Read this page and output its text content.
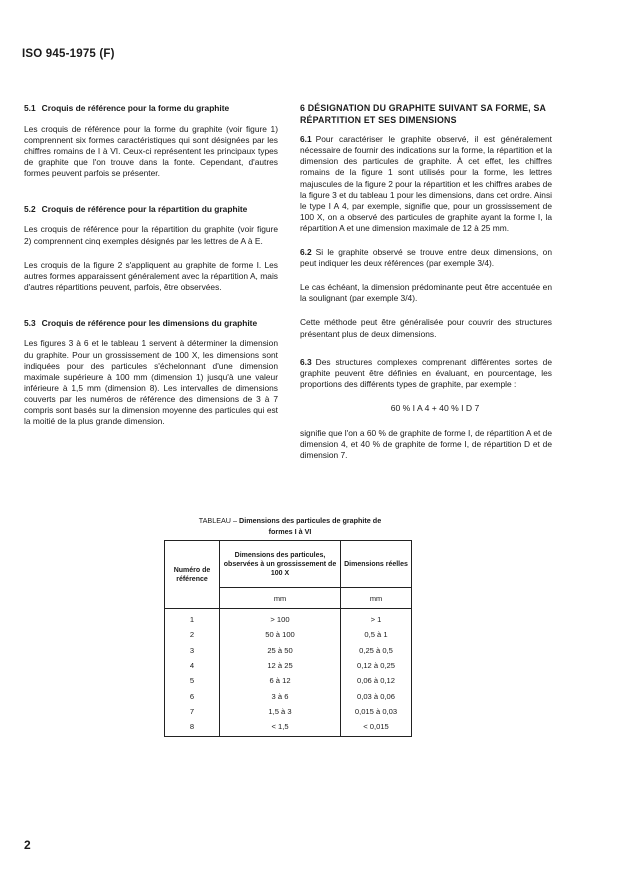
ISO 945-1975 (F)
5.1 Croquis de référence pour la forme du graphite

Les croquis de référence pour la forme du graphite (voir figure 1) comprennent six formes caractéristiques qui sont désignées par les chiffres romains de I à VI. Ceux-ci représentent les principaux types de graphite que l'on trouve dans la fonte. Cependant, d'autres formes peuvent parfois se présenter.

5.2 Croquis de référence pour la répartition du graphite

Les croquis de référence pour la répartition du graphite (voir figure 2) comprennent cinq exemples désignés par les lettres de A à E.

Les croquis de la figure 2 s'appliquent au graphite de forme I. Les autres formes apparaissent généralement avec la répartition A, mais d'autres répartitions peuvent, parfois, être observées.

5.3 Croquis de référence pour les dimensions du graphite

Les figures 3 à 6 et le tableau 1 servent à déterminer la dimension du graphite. Pour un grossissement de 100 X, les dimensions sont indiquées pour des particules s'échelonnant d'une dimension maximale supérieure à 100 mm (dimension 1) jusqu'à une valeur inférieure à 1,5 mm (dimension 8). Les intervalles de dimensions couverts par les numéros de référence des dimensions de 3 à 7 compris sont basés sur la dimension moyenne des particules qui est la moitié de la plus grande dimension.

6 DÉSIGNATION DU GRAPHITE SUIVANT SA FORME, SA RÉPARTITION ET SES DIMENSIONS

6.1 Pour caractériser le graphite observé, il est généralement nécessaire de fournir des indications sur la forme, la répartition et la dimension des particules de graphite. À cet effet, les chiffres romains de la figure 1 sont utilisés pour la forme, les lettres majuscules de la figure 2 pour la répartition et les chiffres arabes de la figure 3 et du tableau 1 pour les dimensions, dans cet ordre. Ainsi le type I A 4, par exemple, signifie que, pour un grossissement de 100 X, on a observé des particules de graphite ayant la forme I, la répartition A et une dimension maximale de 12 à 25 mm.

6.2 Si le graphite observé se trouve entre deux dimensions, on peut indiquer les deux références (par exemple 3/4).

Le cas échéant, la dimension prédominante peut être accentuée en la soulignant (par exemple 3/4).

Cette méthode peut être généralisée pour couvrir des structures présentant plus de deux dimensions.

6.3 Des structures complexes comprenant différentes sortes de graphite peuvent être définies en évaluant, en pourcentage, les proportions des différents types de graphite, par exemple :

60 % I A 4 + 40 % I D 7

signifie que l'on a 60 % de graphite de forme I, de répartition A et de dimension 4, et 40 % de graphite de forme I, de répartition D et de dimension 7.

TABLEAU – Dimensions des particules de graphite de formes I à VI
Numéro de référence	Dimensions des particules, observées à un grossissement de 100 X	Dimensions réelles
	mm	mm
1	> 100	> 1
2	50 à 100	0,5 à 1
3	25 à 50	0,25 à 0,5
4	12 à 25	0,12 à 0,25
5	6 à 12	0,06 à 0,12
6	3 à 6	0,03 à 0,06
7	1,5 à 3	0,015 à 0,03
8	< 1,5	< 0,015
2
